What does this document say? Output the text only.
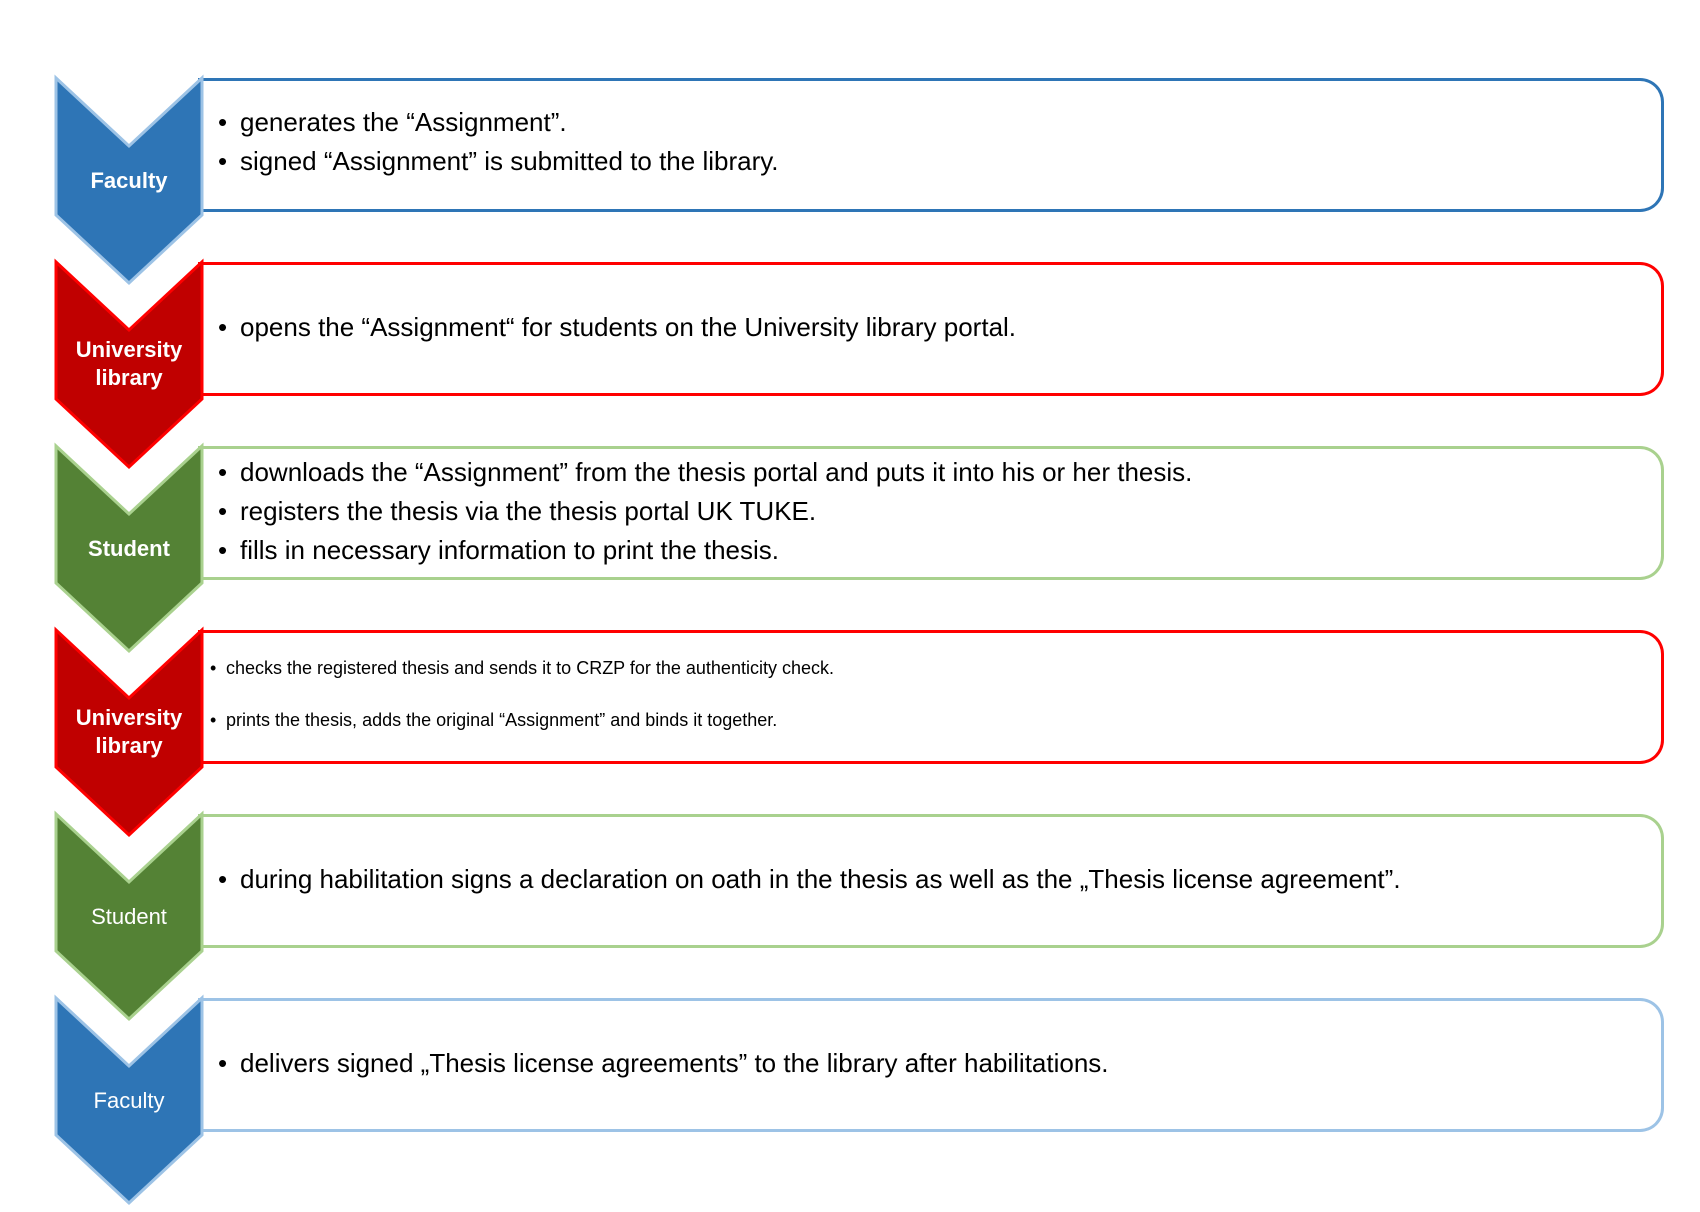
Faculty
• generates the “Assignment”.
• signed “Assignment” is submitted to the library.
University
library
• opens the “Assignment“ for students on the University library portal.
Student
• downloads the “Assignment” from the thesis portal and puts it into his or her thesis.
• registers the thesis via the thesis portal UK TUKE.
• fills in necessary information to print the thesis.
University
library
• checks the registered thesis and sends it to CRZP for the authenticity check.
• prints the thesis, adds the original “Assignment” and binds it together.
Student
• during habilitation signs a declaration on oath in the thesis as well as the „Thesis license agreement”.
Faculty
• delivers signed „Thesis license agreements” to the library after habilitations.
